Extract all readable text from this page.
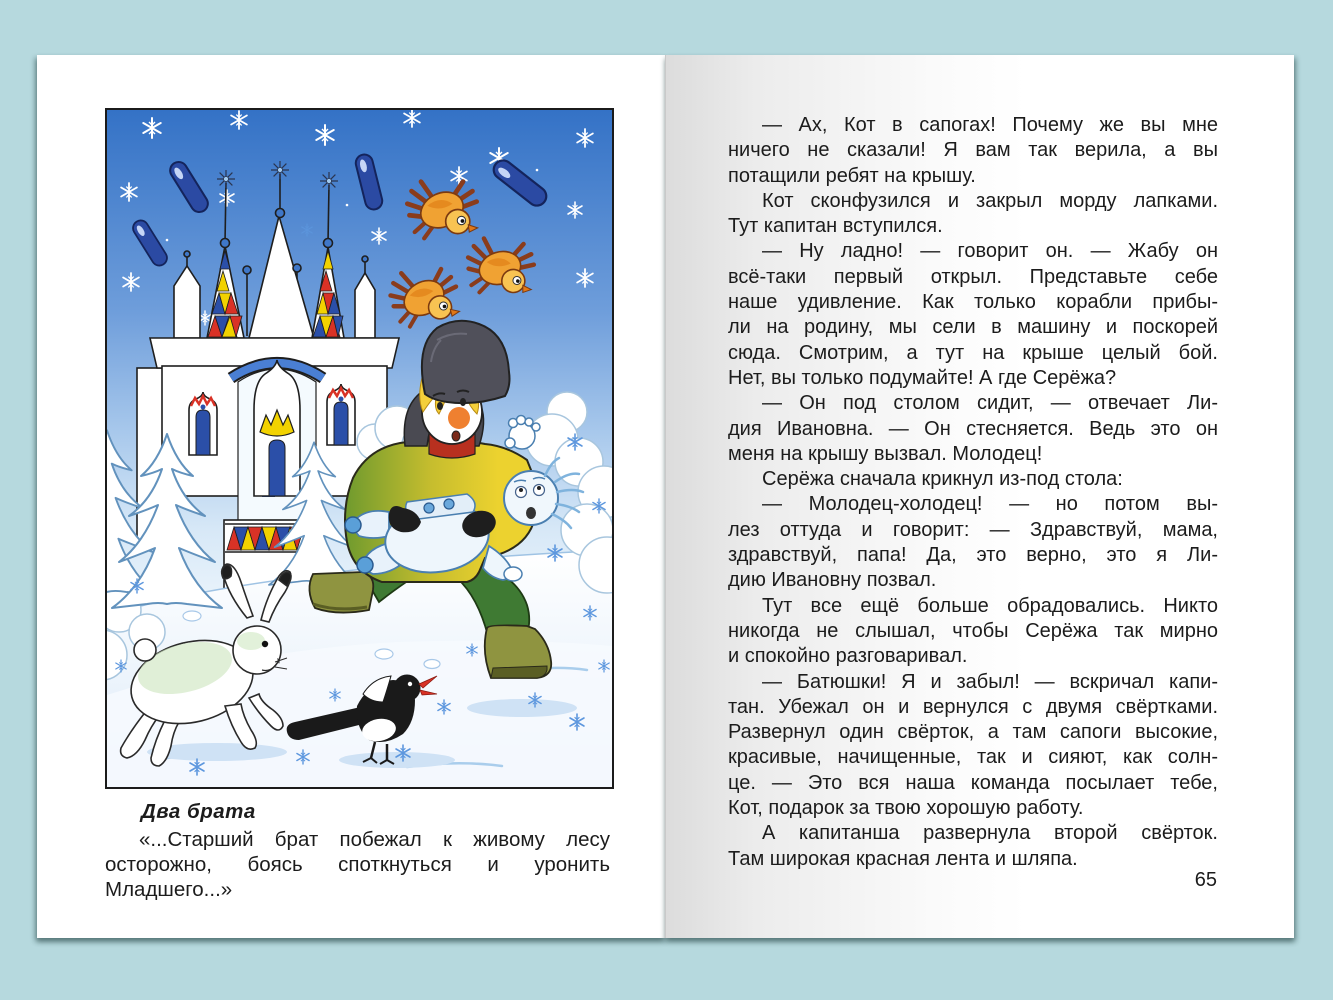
Два брата
«...Старший брат побежал к живому лесу
осторожно, боясь споткнуться и уронить
Младшего...»
— Ах, Кот в сапогах! Почему же вы мне
ничего не сказали! Я вам так верила, а вы
потащили ребят на крышу.
Кот сконфузился и закрыл морду лапками.
Тут капитан вступился.
— Ну ладно! — говорит он. — Жабу он
всё-таки первый открыл. Представьте себе
наше удивление. Как только корабли прибы-
ли на родину, мы сели в машину и поскорей
сюда. Смотрим, а тут на крыше целый бой.
Нет, вы только подумайте! А где Серёжа?
— Он под столом сидит, — отвечает Ли-
дия Ивановна. — Он стесняется. Ведь это он
меня на крышу вызвал. Молодец!
Серёжа сначала крикнул из-под стола:
— Молодец-холодец! — но потом вы-
лез оттуда и говорит: — Здравствуй, мама,
здравствуй, папа! Да, это верно, это я Ли-
дию Ивановну позвал.
Тут все ещё больше обрадовались. Никто
никогда не слышал, чтобы Серёжа так мирно
и спокойно разговаривал.
— Батюшки! Я и забыл! — вскричал капи-
тан. Убежал он и вернулся с двумя свёртками.
Развернул один свёрток, а там сапоги высокие,
красивые, начищенные, так и сияют, как солн-
це. — Это вся наша команда посылает тебе,
Кот, подарок за твою хорошую работу.
А капитанша развернула второй свёрток.
Там широкая красная лента и шляпа.
65
